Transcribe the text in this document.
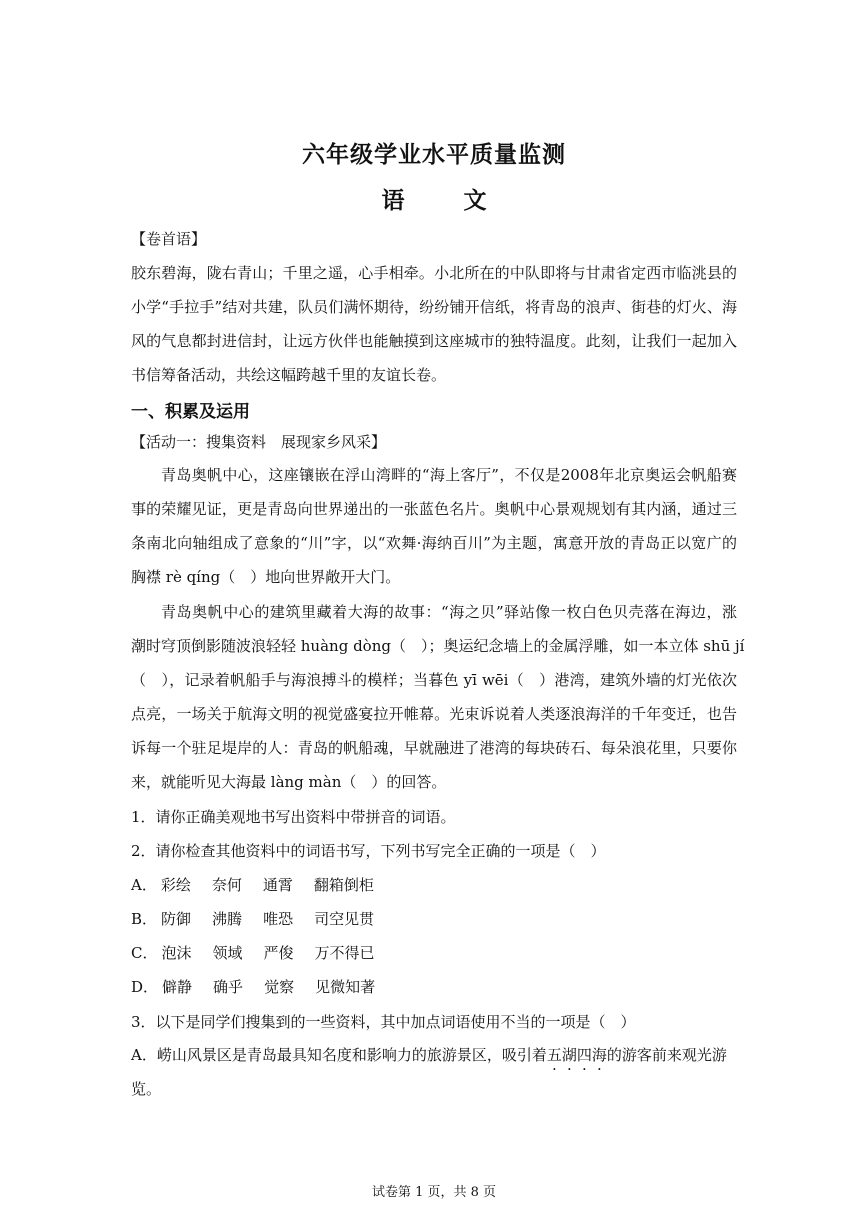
六年级学业水平质量监测
语　文
【卷首语】
胶东碧海，陇右青山；千里之遥，心手相牵。小北所在的中队即将与甘肃省定西市临洮县的
小学“手拉手”结对共建，队员们满怀期待，纷纷铺开信纸，将青岛的浪声、街巷的灯火、海
风的气息都封进信封，让远方伙伴也能触摸到这座城市的独特温度。此刻，让我们一起加入
书信筹备活动，共绘这幅跨越千里的友谊长卷。
一、积累及运用
【活动一：搜集资料　展现家乡风采】
青岛奥帆中心，这座镶嵌在浮山湾畔的“海上客厅”，不仅是2008年北京奥运会帆船赛
事的荣耀见证，更是青岛向世界递出的一张蓝色名片。奥帆中心景观规划有其内涵，通过三
条南北向轴组成了意象的“川”字，以“欢舞·海纳百川”为主题，寓意开放的青岛正以宽广的
胸襟 rè qíng（　）地向世界敞开大门。
青岛奥帆中心的建筑里藏着大海的故事：“海之贝”驿站像一枚白色贝壳落在海边，涨
潮时穹顶倒影随波浪轻轻 huàng dòng（　）；奥运纪念墙上的金属浮雕，如一本立体 shū jí
（　），记录着帆船手与海浪搏斗的模样；当暮色 yī wēi（　）港湾，建筑外墙的灯光依次
点亮，一场关于航海文明的视觉盛宴拉开帷幕。光束诉说着人类逐浪海洋的千年变迁，也告
诉每一个驻足堤岸的人：青岛的帆船魂，早就融进了港湾的每块砖石、每朵浪花里，只要你
来，就能听见大海最 làng màn（　）的回答。
1．请你正确美观地书写出资料中带拼音的词语。
2．请你检查其他资料中的词语书写，下列书写完全正确的一项是（　）
A． 彩绘 奈何 通霄 翻箱倒柜
B． 防御 沸腾 唯恐 司空见贯
C． 泡沫 领域 严俊 万不得已
D． 僻静 确乎 觉察 见微知著
3．以下是同学们搜集到的一些资料，其中加点词语使用不当的一项是（　）
A．崂山风景区是青岛最具知名度和影响力的旅游景区，吸引着五湖四海的游客前来观光游
览。
试卷第 1 页，共 8 页
